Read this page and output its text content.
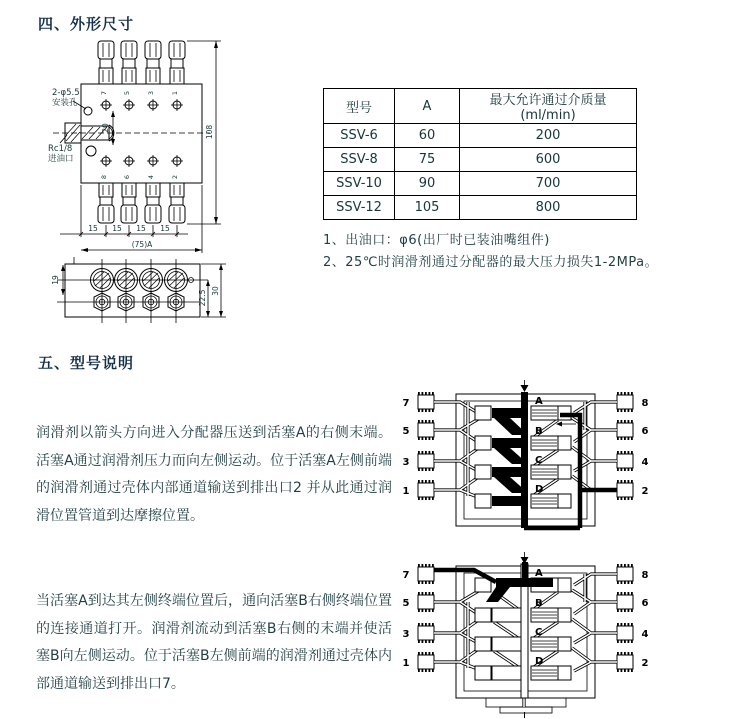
四、外形尺寸
7 5 3 1
8 6 4 2
20	108
2-φ5.5
安装孔
Rc1/8
进油口
15 15 15 15
(75)A
19
22.5 30
型号	A	最大允许通过介质量(ml/min)
SSV-6	60	200
SSV-8	75	600
SSV-10	90	700
SSV-12	105	800
1、出油口：φ6(出厂时已装油嘴组件)
2、25℃时润滑剂通过分配器的最大压力损失1-2MPa。
五、型号说明
润滑剂以箭头方向进入分配器压送到活塞A的右侧末端。活塞A通过润滑剂压力而向左侧运动。位于活塞A左侧前端的润滑剂通过壳体内部通道输送到排出口2 并从此通过润滑位置管道到达摩擦位置。
当活塞A到达其左侧终端位置后，通向活塞B右侧终端位置的连接通道打开。润滑剂流动到活塞B右侧的末端并使活塞B向左侧运动。位于活塞B左侧前端的润滑剂通过壳体内部通道输送到排出口7。
7
5
3
1
8
6
4
2
A
B
C
D
7
5
3
1
8
6
4
2
A
B
C
D
